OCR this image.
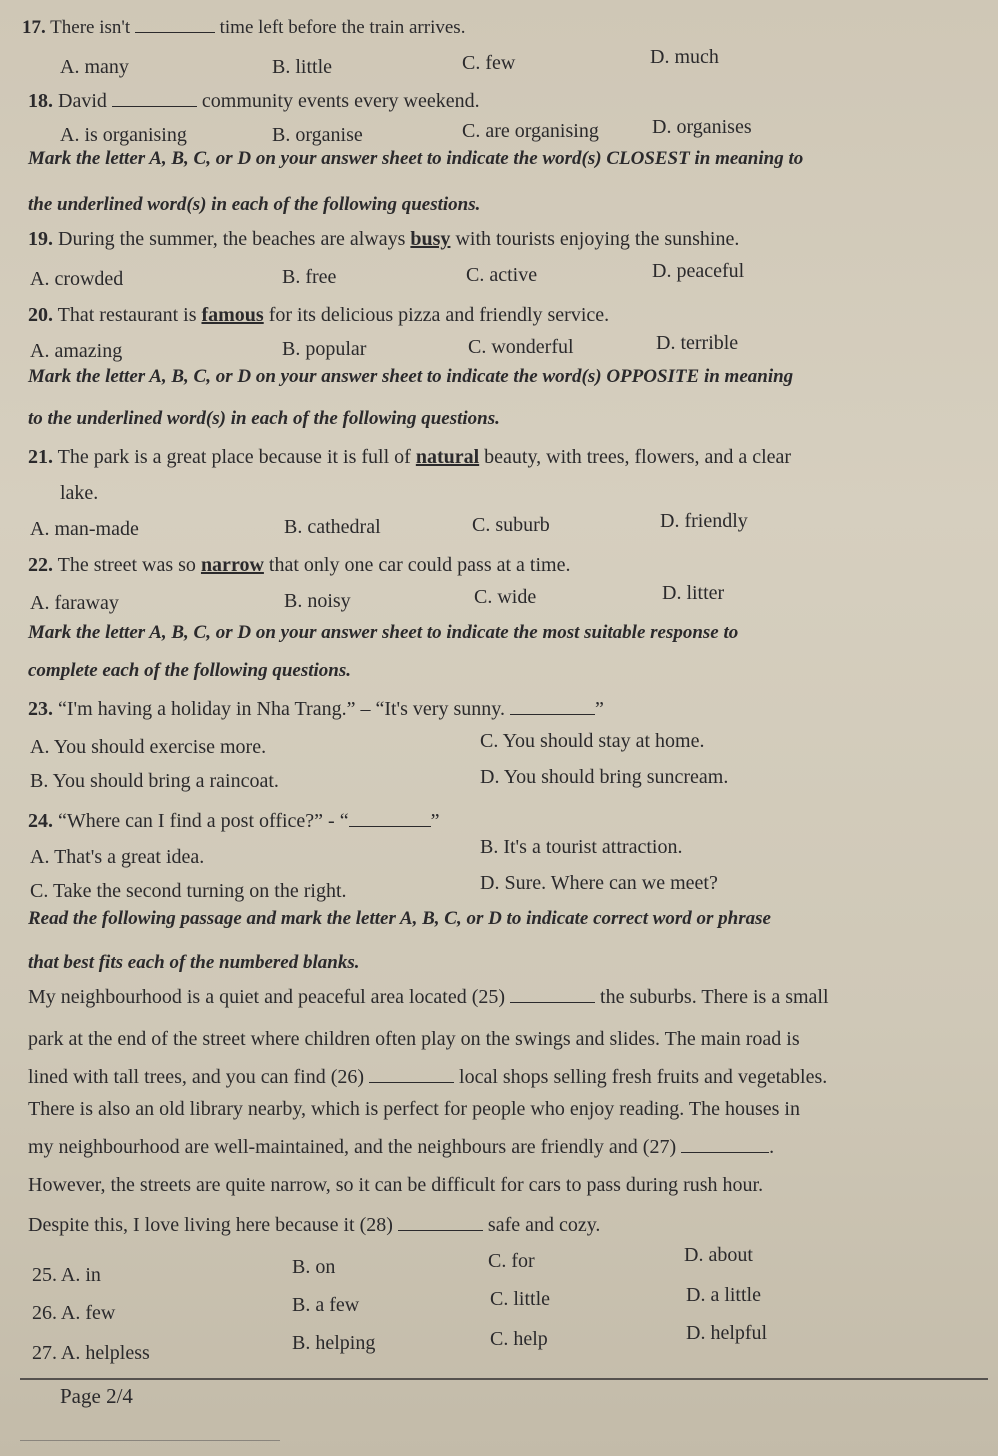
17. There isn't	time left before the train arrives.
A. many	B. little	C. few	D. much
18. David	community events every weekend.
A. is organising	B. organise	C. are organising	D. organises
Mark the letter A, B, C, or D on your answer sheet to indicate the word(s) CLOSEST in meaning to
the underlined word(s) in each of the following questions.
19. During the summer, the beaches are always busy with tourists enjoying the sunshine.
A. crowded	B. free	C. active	D. peaceful
20. That restaurant is famous for its delicious pizza and friendly service.
A. amazing	B. popular	C. wonderful	D. terrible
Mark the letter A, B, C, or D on your answer sheet to indicate the word(s) OPPOSITE in meaning
to the underlined word(s) in each of the following questions.
21. The park is a great place because it is full of natural beauty, with trees, flowers, and a clear
lake.
A. man-made	B. cathedral	C. suburb	D. friendly
22. The street was so narrow that only one car could pass at a time.
A. faraway	B. noisy	C. wide	D. litter
Mark the letter A, B, C, or D on your answer sheet to indicate the most suitable response to
complete each of the following questions.
23. “I'm having a holiday in Nha Trang.” – “It's very sunny.	”
A. You should exercise more.	C. You should stay at home.
B. You should bring a raincoat.	D. You should bring suncream.
24. “Where can I find a post office?” - “	”
A. That's a great idea.	B. It's a tourist attraction.
C. Take the second turning on the right.	D. Sure. Where can we meet?
Read the following passage and mark the letter A, B, C, or D to indicate correct word or phrase
that best fits each of the numbered blanks.
My neighbourhood is a quiet and peaceful area located (25)	the suburbs. There is a small
park at the end of the street where children often play on the swings and slides. The main road is
lined with tall trees, and you can find (26)	local shops selling fresh fruits and vegetables.
There is also an old library nearby, which is perfect for people who enjoy reading. The houses in
my neighbourhood are well-maintained, and the neighbours are friendly and (27)	.
However, the streets are quite narrow, so it can be difficult for cars to pass during rush hour.
Despite this, I love living here because it (28)	safe and cozy.
25. A. in	B. on	C. for	D. about
26. A. few	B. a few	C. little	D. a little
27. A. helpless	B. helping	C. help	D. helpful
Page 2/4
